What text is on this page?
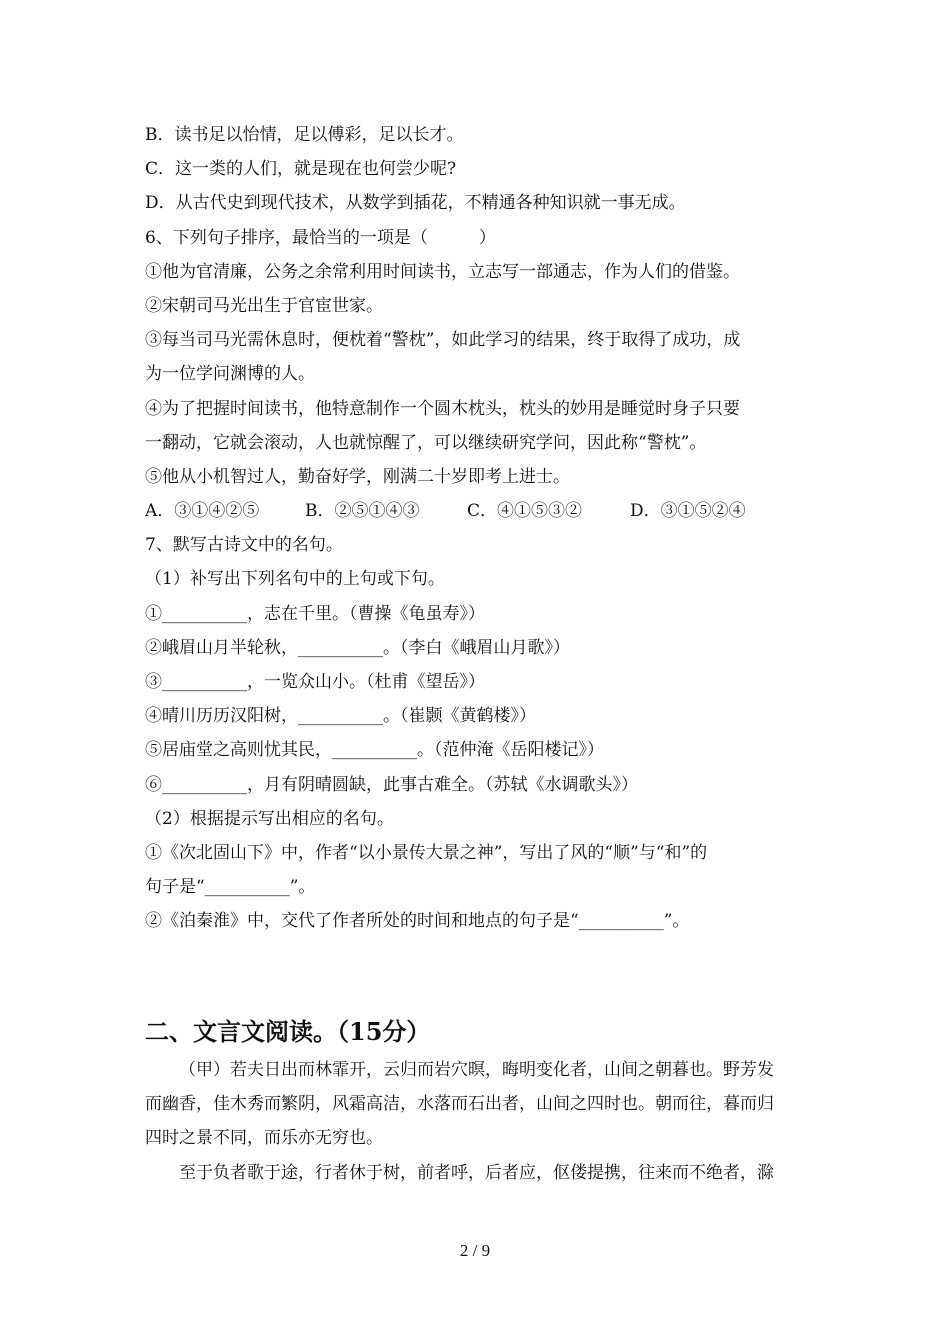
B．读书足以怡情，足以傅彩，足以长才。
C．这一类的人们，就是现在也何尝少呢?
D．从古代史到现代技术，从数学到插花，不精通各种知识就一事无成。
6、下列句子排序，最恰当的一项是（　　　）
①他为官清廉，公务之余常利用时间读书，立志写一部通志，作为人们的借鉴。
②宋朝司马光出生于官宦世家。
③每当司马光需休息时，便枕着“警枕”，如此学习的结果，终于取得了成功，成
为一位学问渊博的人。
④为了把握时间读书，他特意制作一个圆木枕头，枕头的妙用是睡觉时身子只要
一翻动，它就会滚动，人也就惊醒了，可以继续研究学问，因此称“警枕”。
⑤他从小机智过人，勤奋好学，刚满二十岁即考上进士。
A．③①④②⑤	B．②⑤①④③	C．④①⑤③②	D．③①⑤②④
7、默写古诗文中的名句。
（1）补写出下列名句中的上句或下句。
①__________，志在千里。（曹操《龟虽寿》）
②峨眉山月半轮秋，__________。（李白《峨眉山月歌》）
③__________，一览众山小。（杜甫《望岳》）
④晴川历历汉阳树，__________。（崔颢《黄鹤楼》）
⑤居庙堂之高则忧其民，__________。（范仲淹《岳阳楼记》）
⑥__________，月有阴晴圆缺，此事古难全。（苏轼《水调歌头》）
（2）根据提示写出相应的名句。
①《次北固山下》中，作者“以小景传大景之神”，写出了风的“顺”与“和”的
句子是“__________”。
②《泊秦淮》中，交代了作者所处的时间和地点的句子是“__________”。
二、文言文阅读。（15分）
（甲）若夫日出而林霏开，云归而岩穴暝，晦明变化者，山间之朝暮也。野芳发
而幽香，佳木秀而繁阴，风霜高洁，水落而石出者，山间之四时也。朝而往，暮而归
四时之景不同，而乐亦无穷也。
至于负者歌于途，行者休于树，前者呼，后者应，伛偻提携，往来而不绝者，滁
2 / 9
